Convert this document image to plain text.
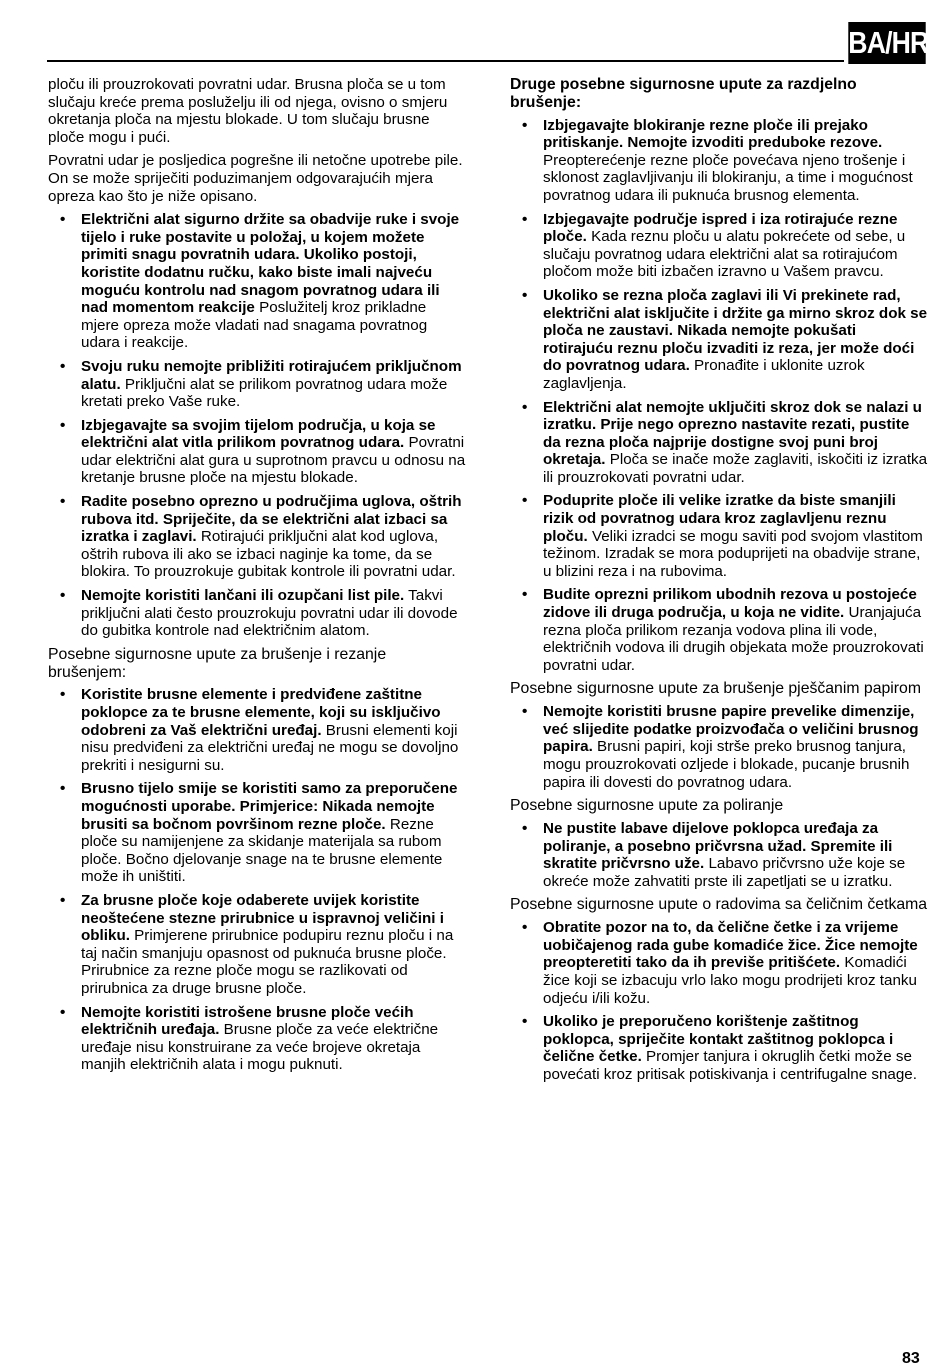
BA/HR

ploču ili prouzrokovati povratni udar. Brusna ploča se u tom slučaju kreće prema posluželju ili od njega, ovisno o smjeru okretanja ploča na mjestu blokade. U tom slučaju brusne ploče mogu i pući.

Povratni udar je posljedica pogrešne ili netočne upotrebe pile. On se može spriječiti poduzimanjem odgovarajućih mjera opreza kao što je niže opisano.

• Električni alat sigurno držite sa obadvije ruke i svoje tijelo i ruke postavite u položaj, u kojem možete primiti snagu povratnih udara. Ukoliko postoji, koristite dodatnu ručku, kako biste imali najveću moguću kontrolu nad snagom povratnog udara ili nad momentom reakcije Poslužitelj kroz prikladne mjere opreza može vladati nad snagama povratnog udara i reakcije.
• Svoju ruku nemojte približiti rotirajućem priključnom alatu. Priključni alat se prilikom povratnog udara može kretati preko Vaše ruke.
• Izbjegavajte sa svojim tijelom područja, u koja se električni alat vitla prilikom povratnog udara. Povratni udar električni alat gura u suprotnom pravcu u odnosu na kretanje brusne ploče na mjestu blokade.
• Radite posebno oprezno u područjima uglova, oštrih rubova itd. Spriječite, da se električni alat izbaci sa izratka i zaglavi. Rotirajući priključni alat kod uglova, oštrih rubova ili ako se izbaci naginje ka tome, da se blokira. To prouzrokuje gubitak kontrole ili povratni udar.
• Nemojte koristiti lančani ili ozupčani list pile. Takvi priključni alati često prouzrokuju povratni udar ili dovode do gubitka kontrole nad električnim alatom.
Posebne sigurnosne upute za brušenje i rezanje brušenjem:
• Koristite brusne elemente i predviđene zaštitne poklopce za te brusne elemente, koji su isključivo odobreni za Vaš električni uređaj. Brusni elementi koji nisu predviđeni za električni uređaj ne mogu se dovoljno prekriti i nesigurni su.
• Brusno tijelo smije se koristiti samo za preporučene mogućnosti uporabe. Primjerice: Nikada nemojte brusiti sa bočnom površinom rezne ploče. Rezne ploče su namijenjene za skidanje materijala sa rubom ploče. Bočno djelovanje snage na te brusne elemente može ih uništiti.
• Za brusne ploče koje odaberete uvijek koristite neoštećene stezne prirubnice u ispravnoj veličini i obliku. Primjerene prirubnice podupiru reznu ploču i na taj način smanjuju opasnost od puknuća brusne ploče. Prirubnice za rezne ploče mogu se razlikovati od prirubnica za druge brusne ploče.
• Nemojte koristiti istrošene brusne ploče većih električnih uređaja. Brusne ploče za veće električne uređaje nisu konstruirane za veće brojeve okretaja manjih električnih alata i mogu puknuti.
Druge posebne sigurnosne upute za razdjelno brušenje:
• Izbjegavajte blokiranje rezne ploče ili prejako pritiskanje. Nemojte izvoditi preduboke rezove. Preopterećenje rezne ploče povećava njeno trošenje i sklonost zaglavljivanju ili blokiranju, a time i mogućnost povratnog udara ili puknuća brusnog elementa.
• Izbjegavajte područje ispred i iza rotirajuće rezne ploče. Kada reznu ploču u alatu pokrećete od sebe, u slučaju povratnog udara električni alat sa rotirajućom pločom može biti izbačen izravno u Vašem pravcu.
• Ukoliko se rezna ploča zaglavi ili Vi prekinete rad, električni alat isključite i držite ga mirno skroz dok se ploča ne zaustavi. Nikada nemojte pokušati rotirajuću reznu ploču izvaditi iz reza, jer može doći do povratnog udara. Pronađite i uklonite uzrok zaglavljenja.
• Električni alat nemojte uključiti skroz dok se nalazi u izratku. Prije nego oprezno nastavite rezati, pustite da rezna ploča najprije dostigne svoj puni broj okretaja. Ploča se inače može zaglaviti, iskočiti iz izratka ili prouzrokovati povratni udar.
• Poduprite ploče ili velike izratke da biste smanjili rizik od povratnog udara kroz zaglavljenu reznu ploču. Veliki izradci se mogu saviti pod svojom vlastitom težinom. Izradak se mora poduprijeti na obadvije strane, u blizini reza i na rubovima.
• Budite oprezni prilikom ubodnih rezova u postojeće zidove ili druga područja, u koja ne vidite. Uranjajuća rezna ploča prilikom rezanja vodova plina ili vode, električnih vodova ili drugih objekata može prouzrokovati povratni udar.
Posebne sigurnosne upute za brušenje pješčanim papirom
• Nemojte koristiti brusne papire prevelike dimenzije, već slijedite podatke proizvođača o veličini brusnog papira. Brusni papiri, koji strše preko brusnog tanjura, mogu prouzrokovati ozljede i blokade, pucanje brusnih papira ili dovesti do povratnog udara.
Posebne sigurnosne upute za poliranje
• Ne pustite labave dijelove poklopca uređaja za poliranje, a posebno pričvrsna užad. Spremite ili skratite pričvrsno uže. Labavo pričvrsno uže koje se okreće može zahvatiti prste ili zapetljati se u izratku.
Posebne sigurnosne upute o radovima sa čeličnim četkama
• Obratite pozor na to, da čelične četke i za vrijeme uobičajenog rada gube komadiće žice. Žice nemojte preopteretiti tako da ih previše pritišćete. Komadići žice koji se izbacuju vrlo lako mogu prodrijeti kroz tanku odjeću i/ili kožu.
• Ukoliko je preporučeno korištenje zaštitnog poklopca, spriječite kontakt zaštitnog poklopca i čelične četke. Promjer tanjura i okruglih četki može se povećati kroz pritisak potiskivanja i centrifugalne snage.
83
